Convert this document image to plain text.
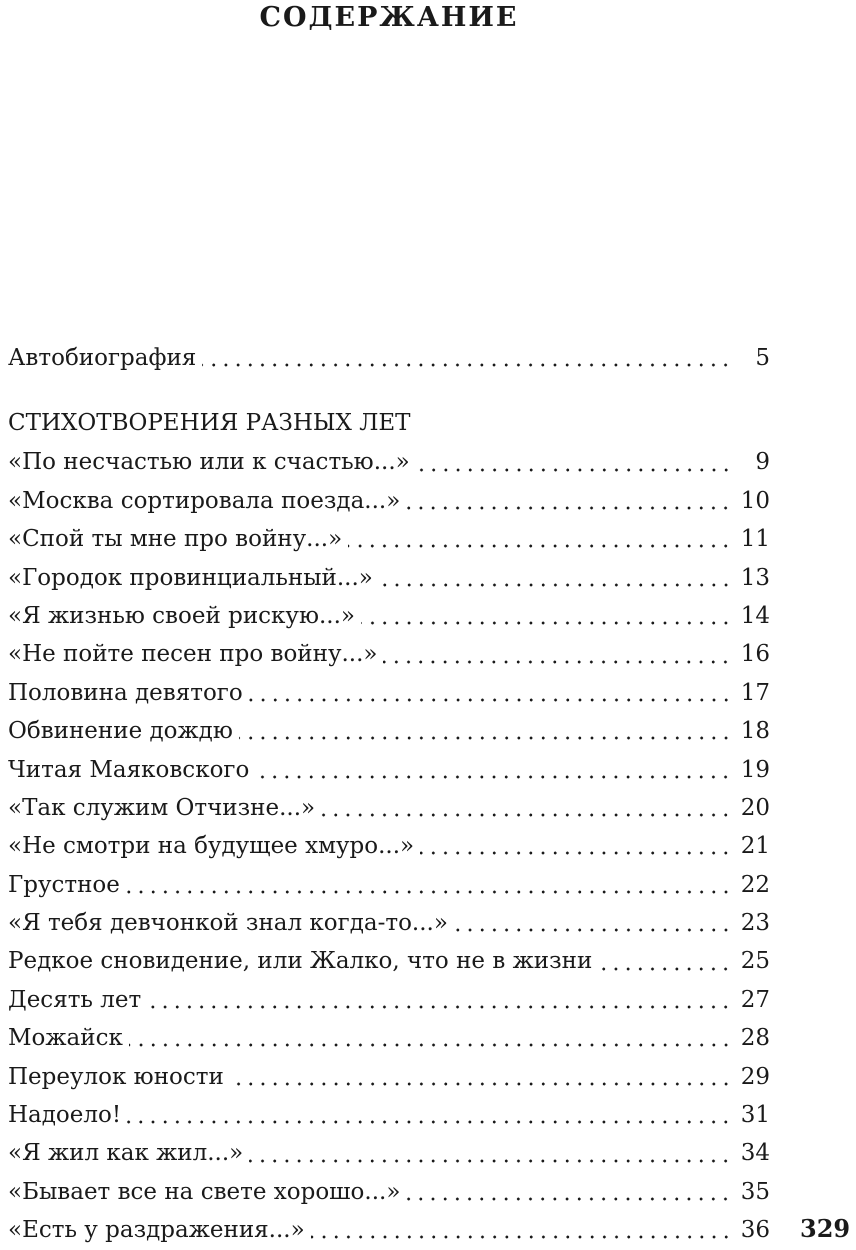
СОДЕРЖАНИЕ
Автобиография	5
СТИХОТВОРЕНИЯ РАЗНЫХ ЛЕТ
«По несчастью или к счастью...»	9
«Москва сортировала поезда...»	10
«Спой ты мне про войну...»	11
«Городок провинциальный...»	13
«Я жизнью своей рискую...»	14
«Не пойте песен про войну...»	16
Половина девятого	17
Обвинение дождю	18
Читая Маяковского	19
«Так служим Отчизне...»	20
«Не смотри на будущее хмуро...»	21
Грустное	22
«Я тебя девчонкой знал когда-то...»	23
Редкое сновидение, или Жалко, что не в жизни	25
Десять лет	27
Можайск	28
Переулок юности	29
Надоело!	31
«Я жил как жил...»	34
«Бывает все на свете хорошо...»	35
«Есть у раздражения...»	36 329
